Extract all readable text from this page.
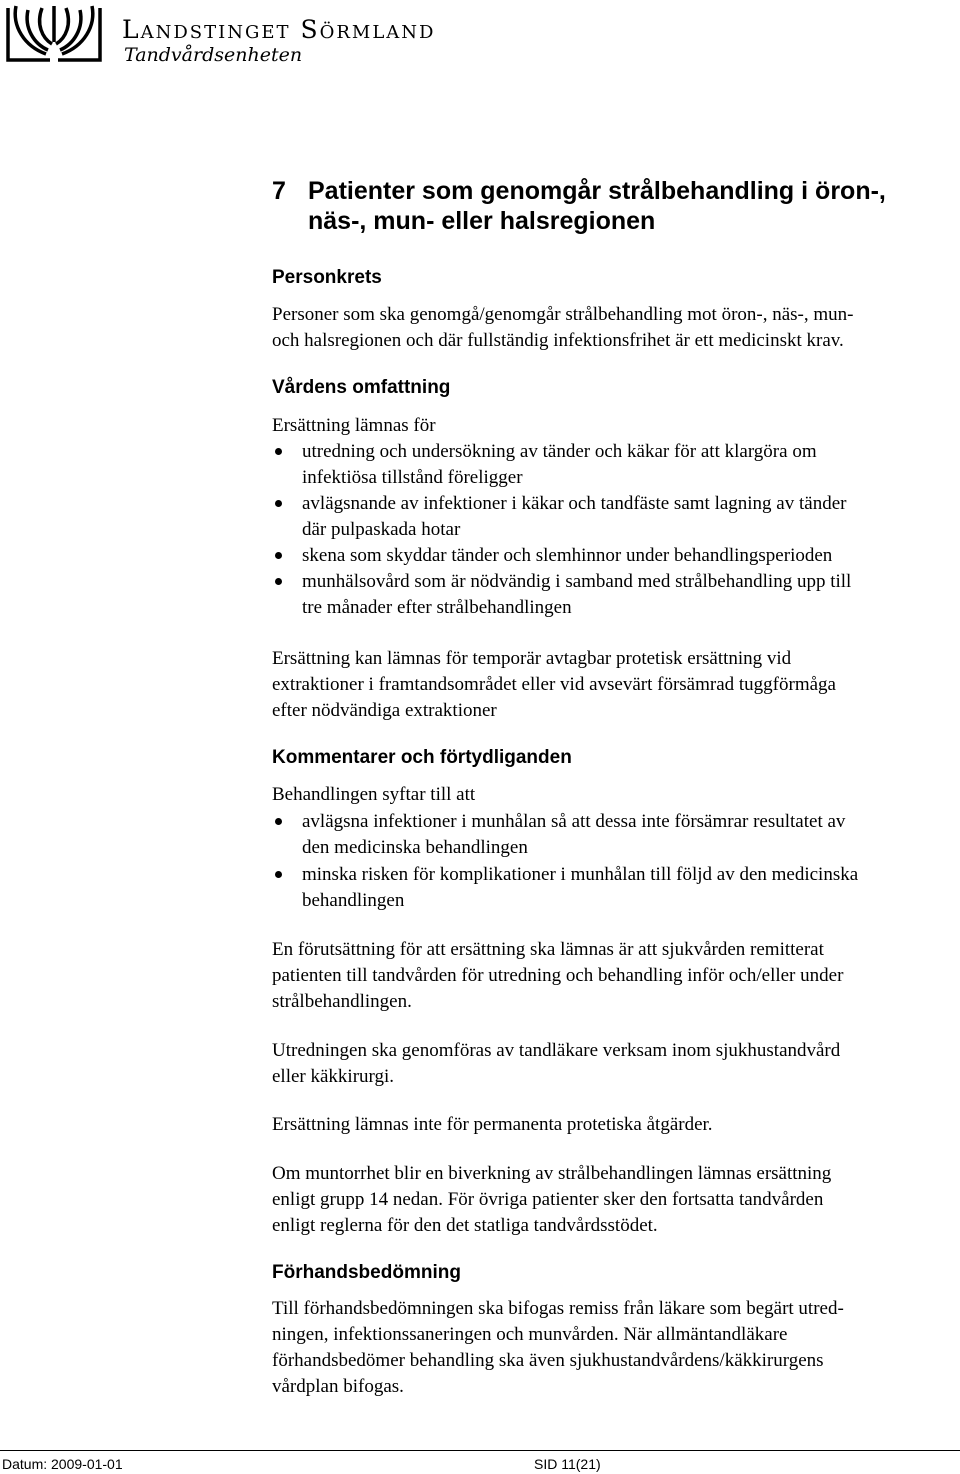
Landstinget Sörmland
Tandvårdsenheten
7 Patienter som genomgår strålbehandling i öron-,
näs-, mun- eller halsregionen
Personkrets
Personer som ska genomgå/genomgår strålbehandling mot öron-, näs-, mun-
och halsregionen och där fullständig infektionsfrihet är ett medicinskt krav.
Vårdens omfattning
Ersättning lämnas för
utredning och undersökning av tänder och käkar för att klargöra om
infektiösa tillstånd föreligger
avlägsnande av infektioner i käkar och tandfäste samt lagning av tänder
där pulpaskada hotar
skena som skyddar tänder och slemhinnor under behandlingsperioden
munhälsovård som är nödvändig i samband med strålbehandling upp till
tre månader efter strålbehandlingen
Ersättning kan lämnas för temporär avtagbar protetisk ersättning vid
extraktioner i framtandsområdet eller vid avsevärt försämrad tuggförmåga
efter nödvändiga extraktioner
Kommentarer och förtydliganden
Behandlingen syftar till att
avlägsna infektioner i munhålan så att dessa inte försämrar resultatet av
den medicinska behandlingen
minska risken för komplikationer i munhålan till följd av den medicinska
behandlingen
En förutsättning för att ersättning ska lämnas är att sjukvården remitterat
patienten till tandvården för utredning och behandling inför och/eller under
strålbehandlingen.
Utredningen ska genomföras av tandläkare verksam inom sjukhustandvård
eller käkkirurgi.
Ersättning lämnas inte för permanenta protetiska åtgärder.
Om muntorrhet blir en biverkning av strålbehandlingen lämnas ersättning
enligt grupp 14 nedan. För övriga patienter sker den fortsatta tandvården
enligt reglerna för den det statliga tandvårdsstödet.
Förhandsbedömning
Till förhandsbedömningen ska bifogas remiss från läkare som begärt utred-
ningen, infektionssaneringen och munvården. När allmäntandläkare
förhandsbedömer behandling ska även sjukhustandvårdens/käkkirurgens
vårdplan bifogas.
Datum: 2009-01-01	SID 11(21)
